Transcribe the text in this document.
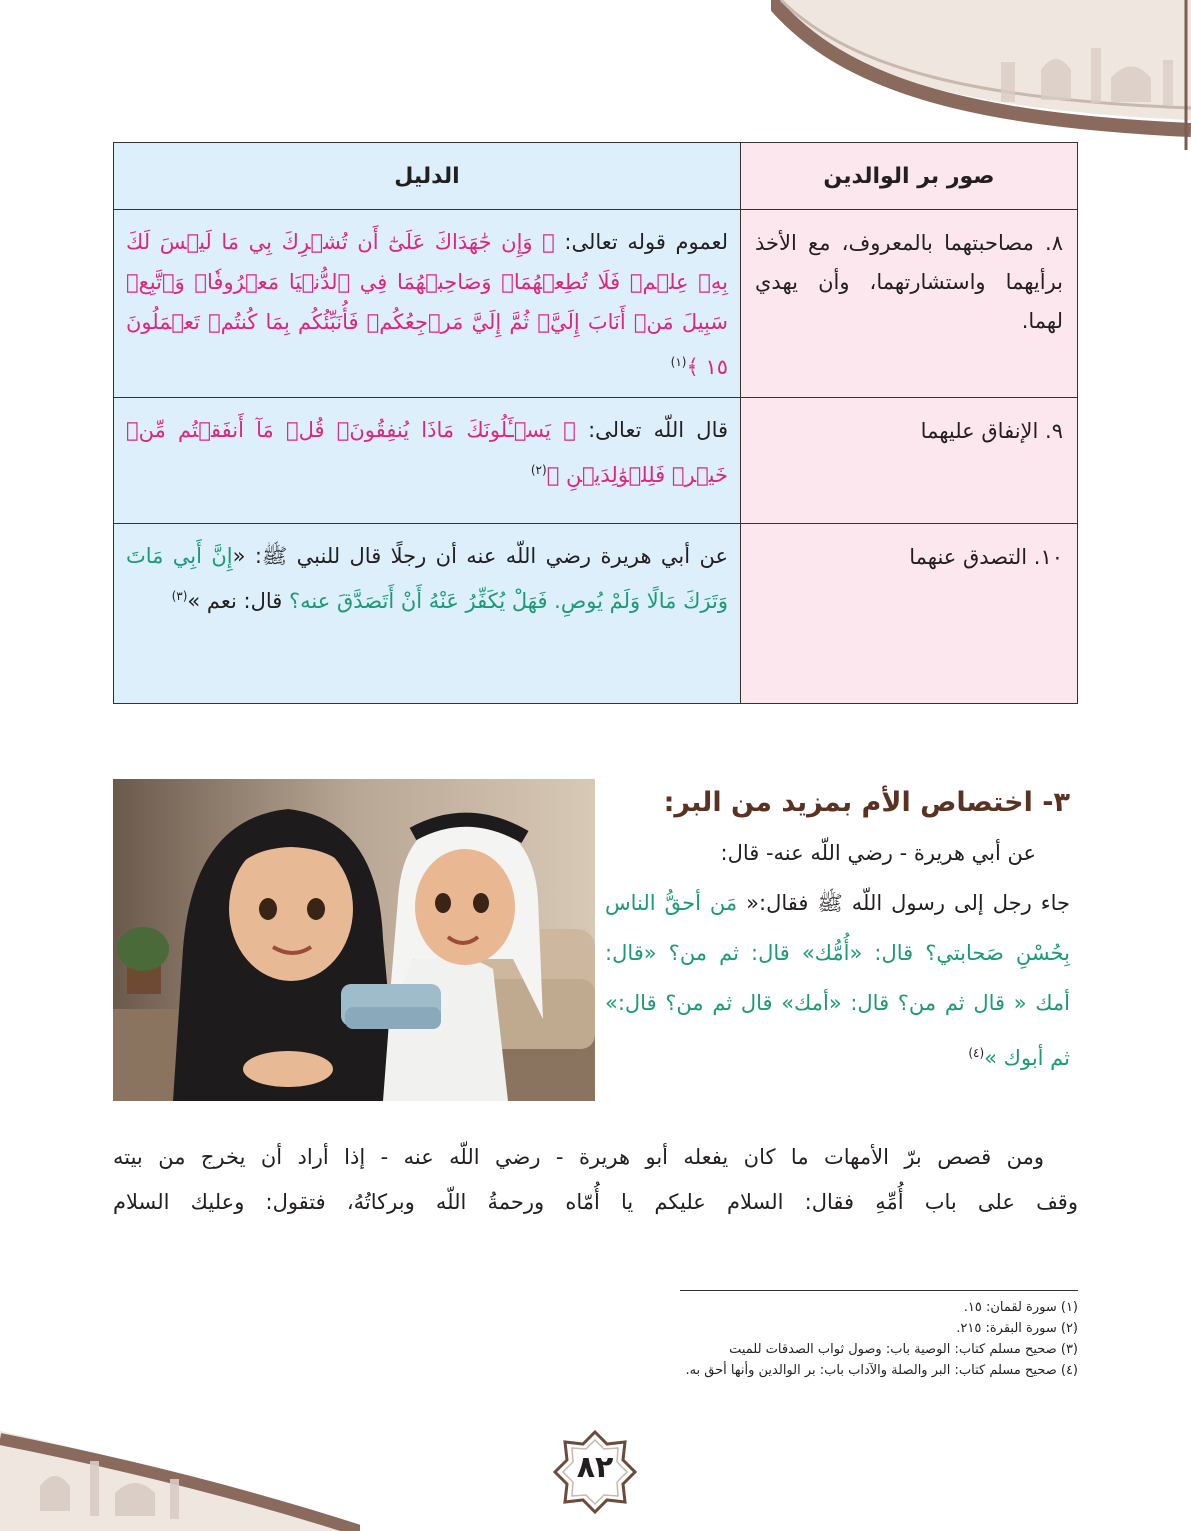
صور بر الوالدين	الدليل
٨. مصاحبتهما بالمعروف، مع الأخذ برأيهما واستشارتهما، وأن يهدي لهما.	لعموم قوله تعالى: ﴿ وَإِن جَٰهَدَاكَ عَلَىٰٓ أَن تُشۡرِكَ بِي مَا لَيۡسَ لَكَ بِهِۦ عِلۡمٞ فَلَا تُطِعۡهُمَاۖ وَصَاحِبۡهُمَا فِي ٱلدُّنۡيَا مَعۡرُوفٗاۖ وَٱتَّبِعۡ سَبِيلَ مَنۡ أَنَابَ إِلَيَّۚ ثُمَّ إِلَيَّ مَرۡجِعُكُمۡ فَأُنَبِّئُكُم بِمَا كُنتُمۡ تَعۡمَلُونَ ١٥ ﴾$^{(١)}$
٩. الإنفاق عليهما	قال اللّه تعالى: ﴿ يَسۡـَٔلُونَكَ مَاذَا يُنفِقُونَۖ قُلۡ مَآ أَنفَقۡتُم مِّنۡ خَيۡرٖ فَلِلۡوَٰلِدَيۡنِ ﴾$^{(٢)}$
١٠. التصدق عنهما	عن أبي هريرة رضي اللّه عنه أن رجلًا قال للنبي ﷺ: «إِنَّ أَبِي مَاتَ وَتَرَكَ مَالًا وَلَمْ يُوصِ. فَهَلْ يُكَفِّرُ عَنْهُ أَنْ أَتَصَدَّقَ عنه؟ قال: نعم »$^{(٣)}$
٣- اختصاص الأم بمزيد من البر:

عن أبي هريرة - رضي اللّه عنه- قال:

جاء رجل إلى رسول اللّه ﷺ فقال:« مَن أحقُّ الناس بِحُسْنِ صَحابتي؟ قال: «أُمُّك» قال: ثم من؟ «قال: أمك « قال ثم من؟ قال: «أمك» قال ثم من؟ قال:» ثم أبوك »$^{(٤)}$

ومن قصص برّ الأمهات ما كان يفعله أبو هريرة - رضي اللّه عنه - إذا أراد أن يخرج من بيته
وقف على باب أُمِّهِ فقال: السلام عليكم يا أُمّاه ورحمةُ اللّه وبركاتُهُ، فتقول: وعليك السلام

(١) سورة لقمان: ١٥.
(٢) سورة البقرة: ٢١٥.
(٣) صحيح مسلم كتاب: الوصية باب: وصول ثواب الصدقات للميت
(٤) صحيح مسلم كتاب: البر والصلة والآداب باب: بر الوالدين وأنها أحق به.
٨٢
